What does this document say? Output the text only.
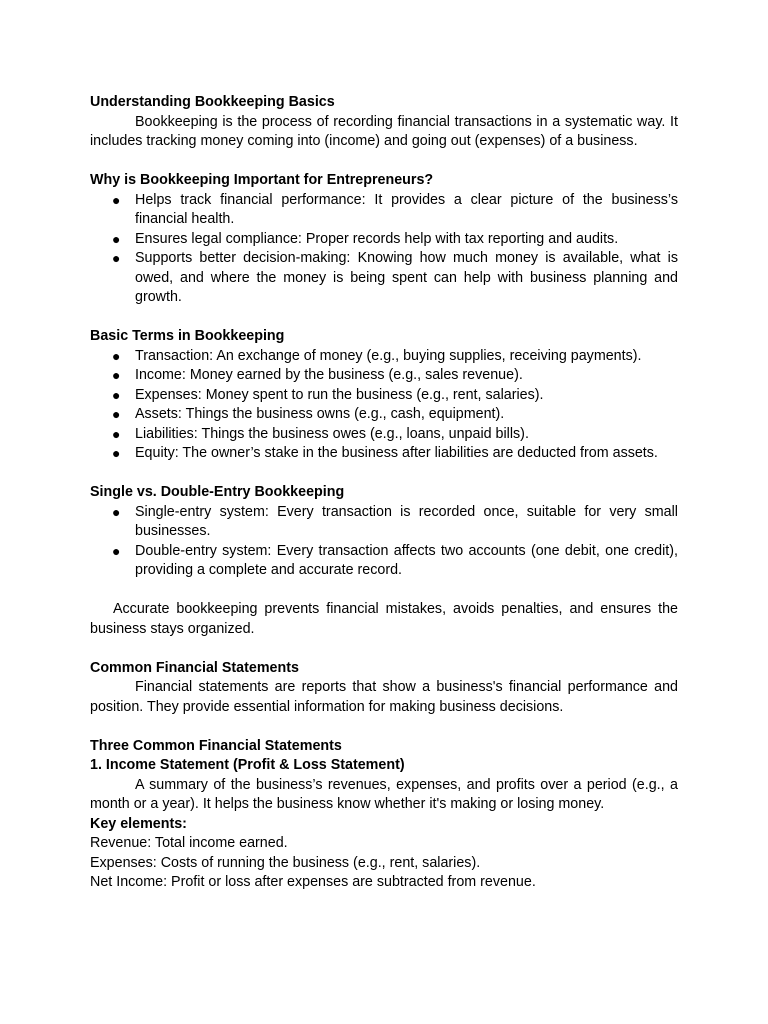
Understanding Bookkeeping Basics

Bookkeeping is the process of recording financial transactions in a systematic way. It includes tracking money coming into (income) and going out (expenses) of a business.

Why is Bookkeeping Important for Entrepreneurs?

● Helps track financial performance: It provides a clear picture of the business’s financial health.
● Ensures legal compliance: Proper records help with tax reporting and audits.
● Supports better decision-making: Knowing how much money is available, what is owed, and where the money is being spent can help with business planning and growth.

Basic Terms in Bookkeeping

● Transaction: An exchange of money (e.g., buying supplies, receiving payments).
● Income: Money earned by the business (e.g., sales revenue).
● Expenses: Money spent to run the business (e.g., rent, salaries).
● Assets: Things the business owns (e.g., cash, equipment).
● Liabilities: Things the business owes (e.g., loans, unpaid bills).
● Equity: The owner’s stake in the business after liabilities are deducted from assets.

Single vs. Double-Entry Bookkeeping

● Single-entry system: Every transaction is recorded once, suitable for very small businesses.
● Double-entry system: Every transaction affects two accounts (one debit, one credit), providing a complete and accurate record.

Accurate bookkeeping prevents financial mistakes, avoids penalties, and ensures the business stays organized.

Common Financial Statements

Financial statements are reports that show a business's financial performance and position. They provide essential information for making business decisions.

Three Common Financial Statements

1. Income Statement (Profit & Loss Statement)

A summary of the business’s revenues, expenses, and profits over a period (e.g., a month or a year). It helps the business know whether it's making or losing money.

Key elements:

Revenue: Total income earned.

Expenses: Costs of running the business (e.g., rent, salaries).

Net Income: Profit or loss after expenses are subtracted from revenue.
